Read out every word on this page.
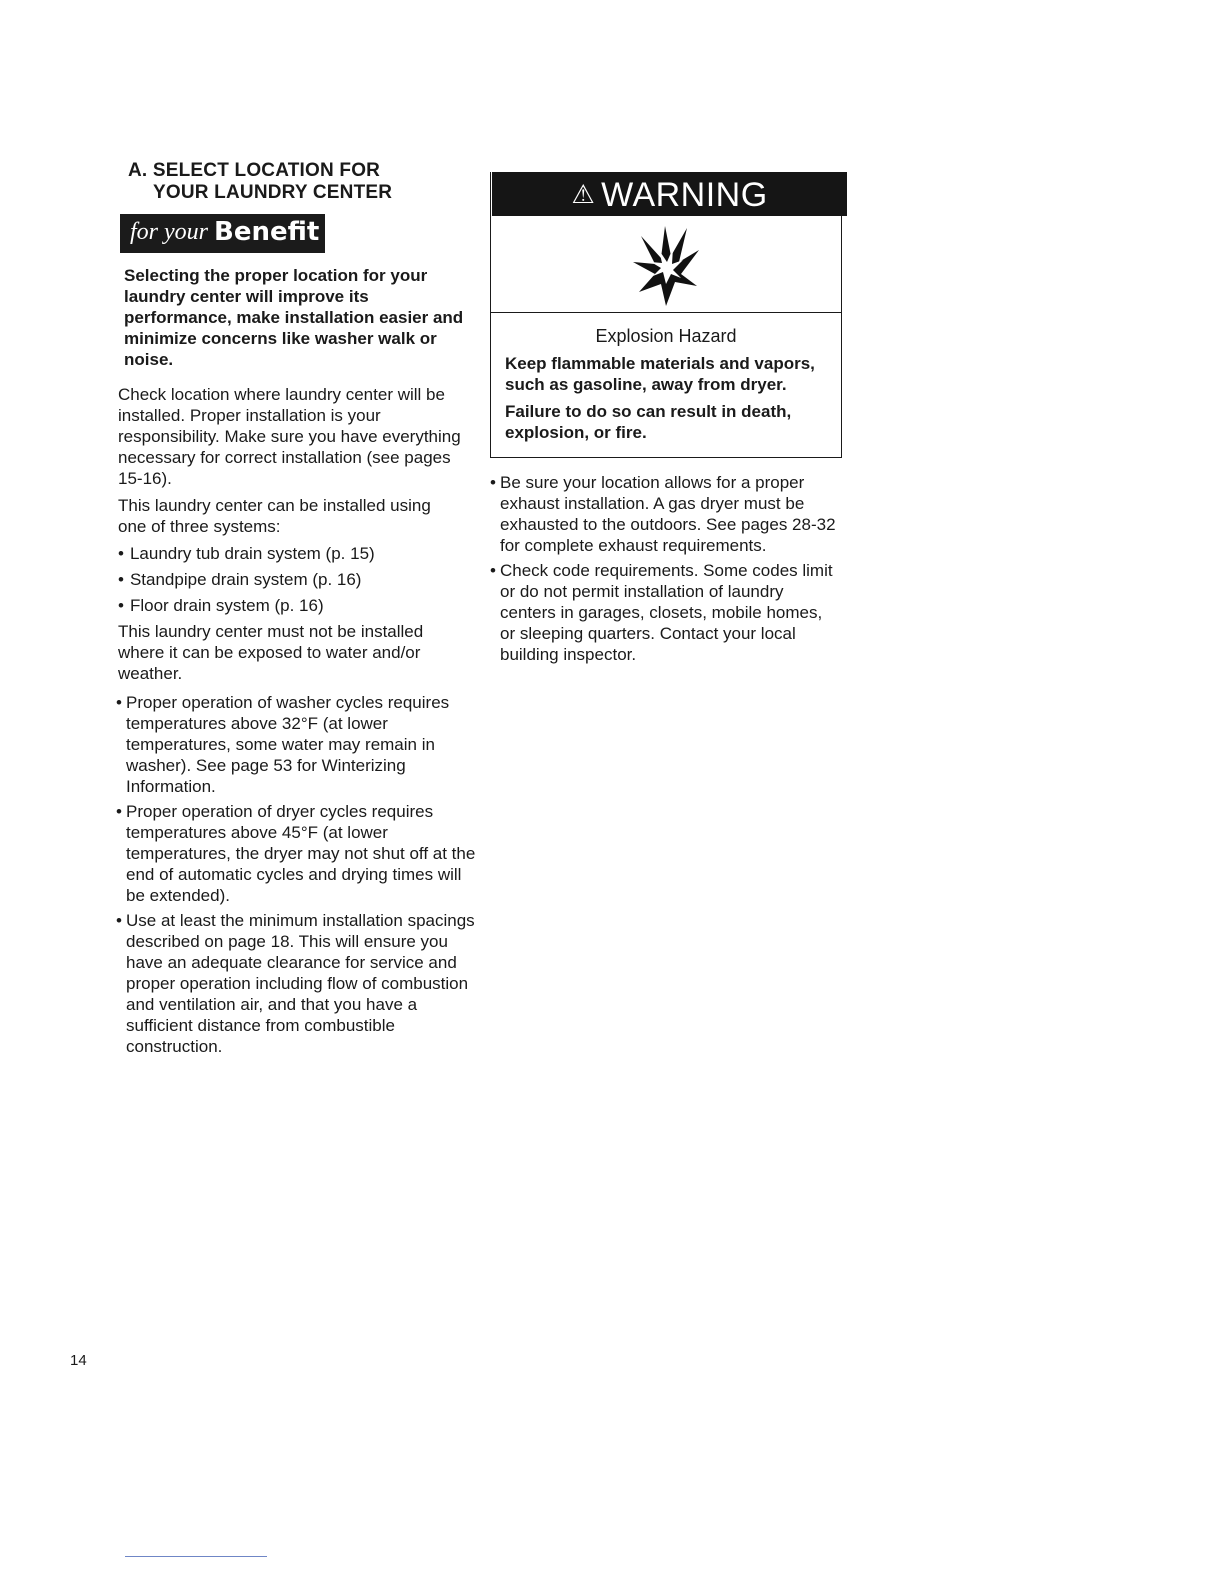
A. SELECT LOCATION FOR
YOUR LAUNDRY CENTER
for your Benefit

Selecting the proper location for your laundry center will improve its performance, make installation easier and minimize concerns like washer walk or noise.

Check location where laundry center will be installed. Proper installation is your responsibility. Make sure you have everything necessary for correct installation (see pages 15-16).

This laundry center can be installed using one of three systems:

• Laundry tub drain system (p. 15)
• Standpipe drain system (p. 16)
• Floor drain system (p. 16)

This laundry center must not be installed where it can be exposed to water and/or weather.

• Proper operation of washer cycles requires temperatures above 32°F (at lower temperatures, some water may remain in washer). See page 53 for Winterizing Information.
• Proper operation of dryer cycles requires temperatures above 45°F (at lower temperatures, the dryer may not shut off at the end of automatic cycles and drying times will be extended).
• Use at least the minimum installation spacings described on page 18. This will ensure you have an adequate clearance for service and proper operation including flow of combustion and ventilation air, and that you have a sufficient distance from combustible construction.
⚠ WARNING
Explosion Hazard

Keep flammable materials and vapors, such as gasoline, away from dryer.

Failure to do so can result in death, explosion, or fire.

• Be sure your location allows for a proper exhaust installation. A gas dryer must be exhausted to the outdoors. See pages 28-32 for complete exhaust requirements.
• Check code requirements. Some codes limit or do not permit installation of laundry centers in garages, closets, mobile homes, or sleeping quarters. Contact your local building inspector.
14
